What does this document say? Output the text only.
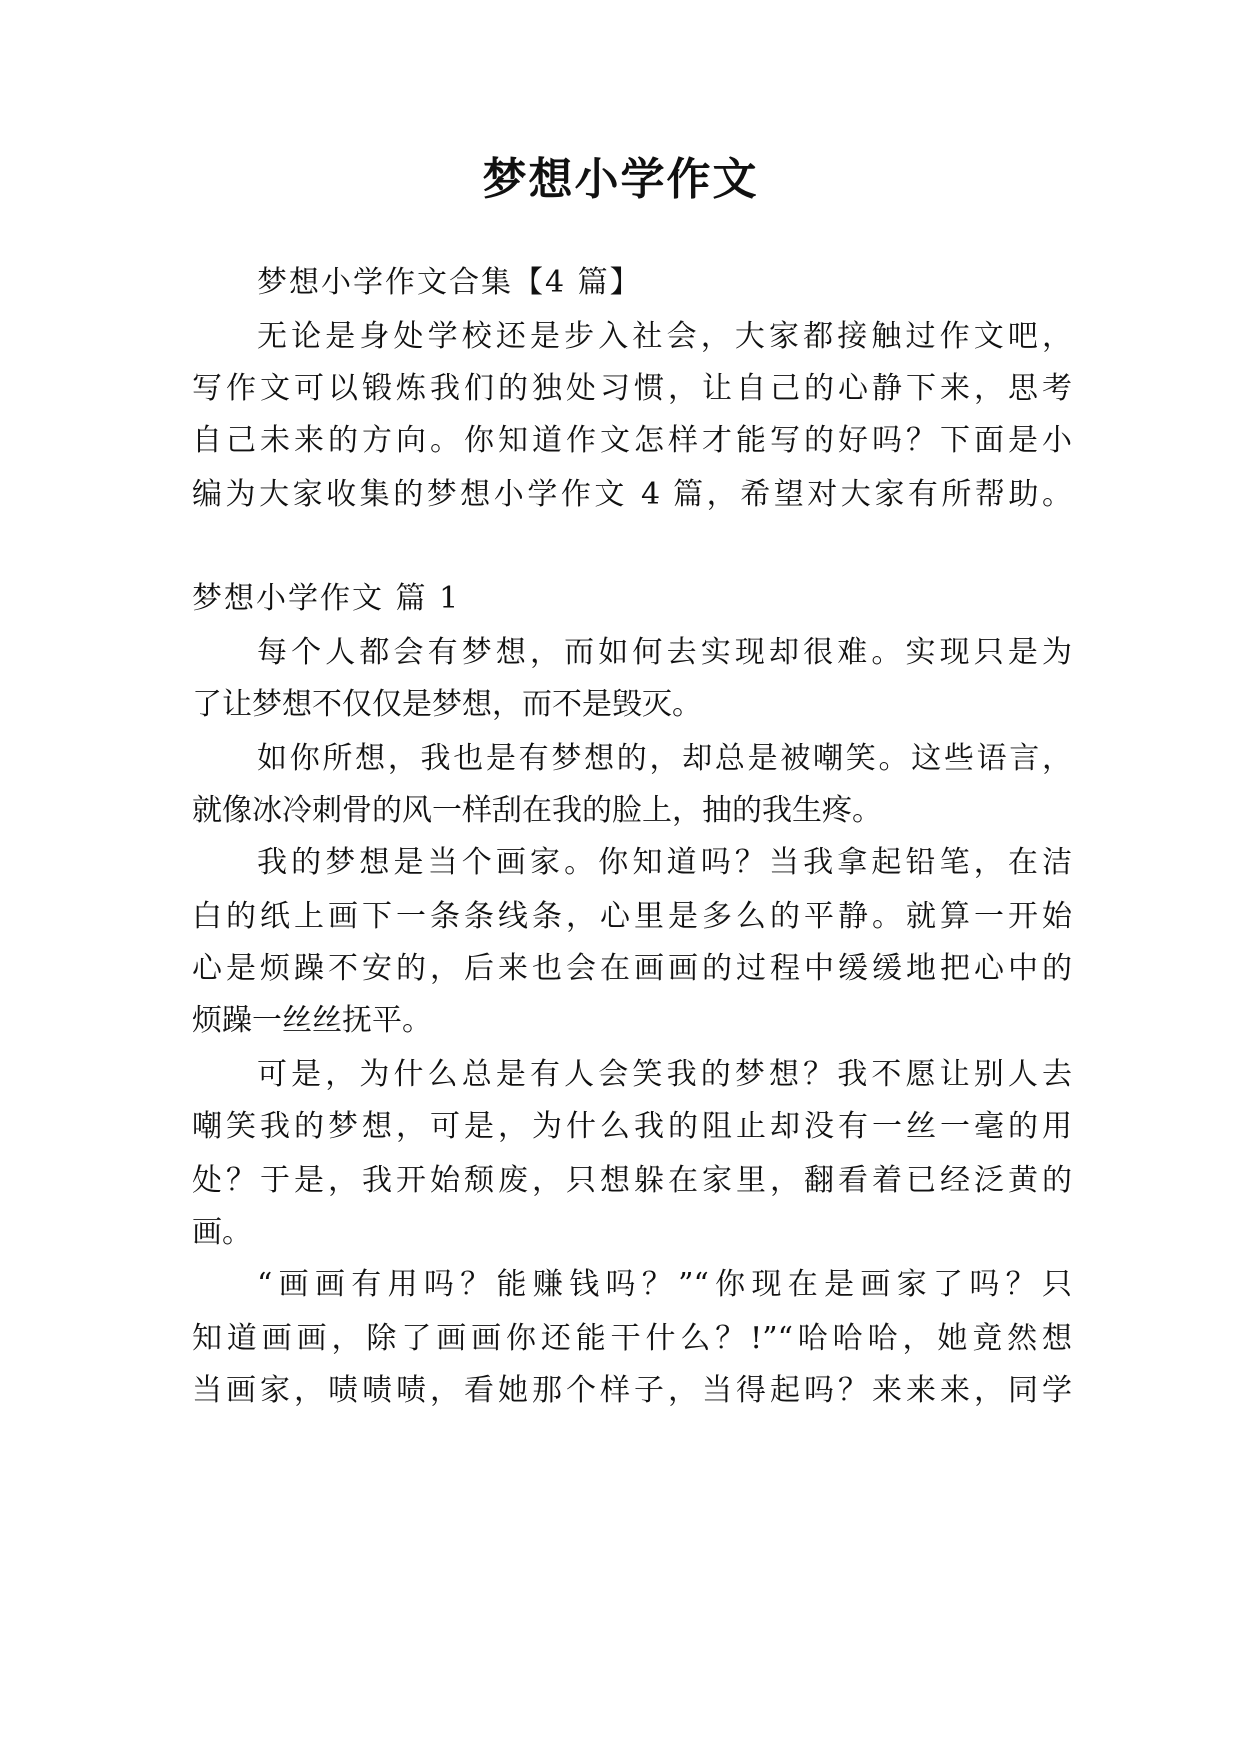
梦想小学作文
梦想小学作文合集【4 篇】
无论是身处学校还是步入社会，大家都接触过作文吧，
写作文可以锻炼我们的独处习惯，让自己的心静下来，思考
自己未来的方向。你知道作文怎样才能写的好吗？下面是小
编为大家收集的梦想小学作文 4 篇，希望对大家有所帮助。
梦想小学作文 篇 1
每个人都会有梦想，而如何去实现却很难。实现只是为
了让梦想不仅仅是梦想，而不是毁灭。
如你所想，我也是有梦想的，却总是被嘲笑。这些语言，
就像冰冷刺骨的风一样刮在我的脸上，抽的我生疼。
我的梦想是当个画家。你知道吗？当我拿起铅笔，在洁
白的纸上画下一条条线条，心里是多么的平静。就算一开始
心是烦躁不安的，后来也会在画画的过程中缓缓地把心中的
烦躁一丝丝抚平。
可是，为什么总是有人会笑我的梦想？我不愿让别人去
嘲笑我的梦想，可是，为什么我的阻止却没有一丝一毫的用
处？于是，我开始颓废，只想躲在家里，翻看着已经泛黄的
画。
“画画有用吗？能赚钱吗？”“你现在是画家了吗？只
知道画画，除了画画你还能干什么？!”“哈哈哈，她竟然想
当画家，啧啧啧，看她那个样子，当得起吗？来来来，同学
